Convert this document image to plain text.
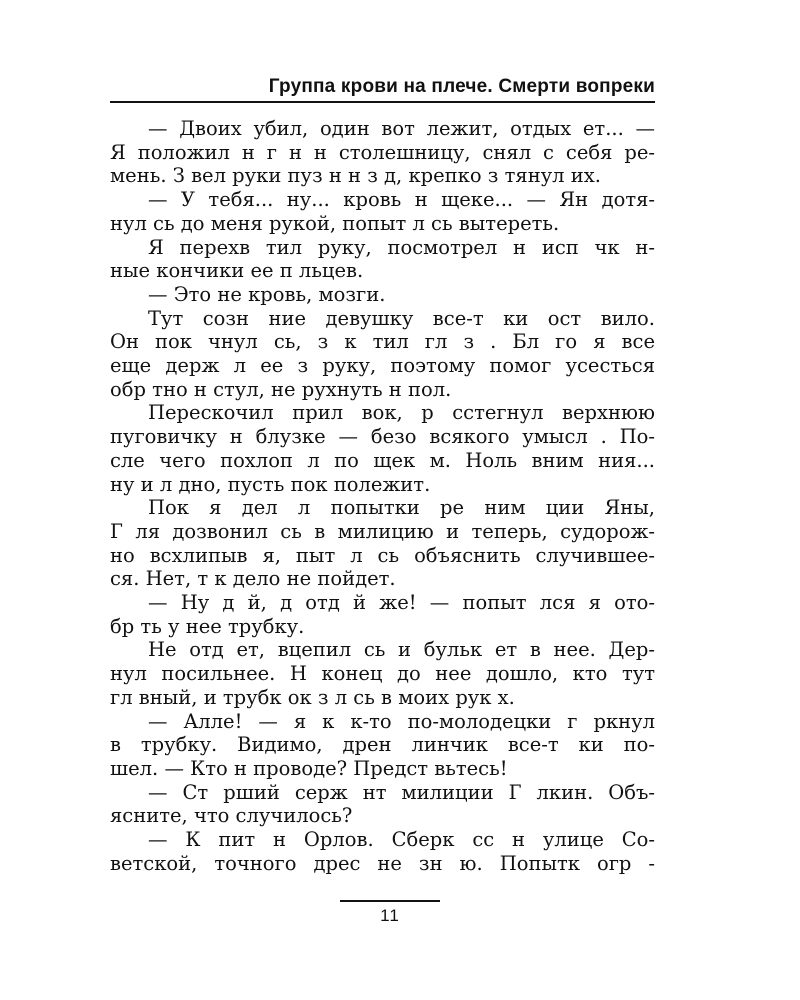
Группа крови на плече. Смерти вопреки
— Двоих убил, один вот лежит, отдых ет... —
Я положил н г н н столешницу, снял с себя ре-
мень. З вел руки пуз н н з д, крепко з тянул их.
— У тебя... ну... кровь н щеке... — Ян дотя-
нул сь до меня рукой, попыт л сь вытереть.
Я перехв тил руку, посмотрел н исп чк н-
ные кончики ее п льцев.
— Это не кровь, мозги.
Тут созн ние девушку все-т ки ост вило.
Он пок чнул сь, з к тил гл з . Бл го я все
еще держ л ее з руку, поэтому помог усесться
обр тно н стул, не рухнуть н пол.
Перескочил прил вок, р сстегнул верхнюю
пуговичку н блузке — безо всякого умысл . По-
сле чего похлоп л по щек м. Ноль вним ния...
ну и л дно, пусть пок полежит.
Пок я дел л попытки ре ним ции Яны,
Г ля дозвонил сь в милицию и теперь, судорож-
но всхлипыв я, пыт л сь объяснить случившее-
ся. Нет, т к дело не пойдет.
— Ну д й, д отд й же! — попыт лся я ото-
бр ть у нее трубку.
Не отд ет, вцепил сь и бульк ет в нее. Дер-
нул посильнее. Н конец до нее дошло, кто тут
гл вный, и трубк ок з л сь в моих рук х.
— Алле! — я к к-то по-молодецки г ркнул
в трубку. Видимо, дрен линчик все-т ки по-
шел. — Кто н проводе? Предст вьтесь!
— Ст рший серж нт милиции Г лкин. Объ-
ясните, что случилось?
— К пит н Орлов. Сберк сс н улице Со-
ветской, точного дрес не зн ю. Попытк огр -
11
